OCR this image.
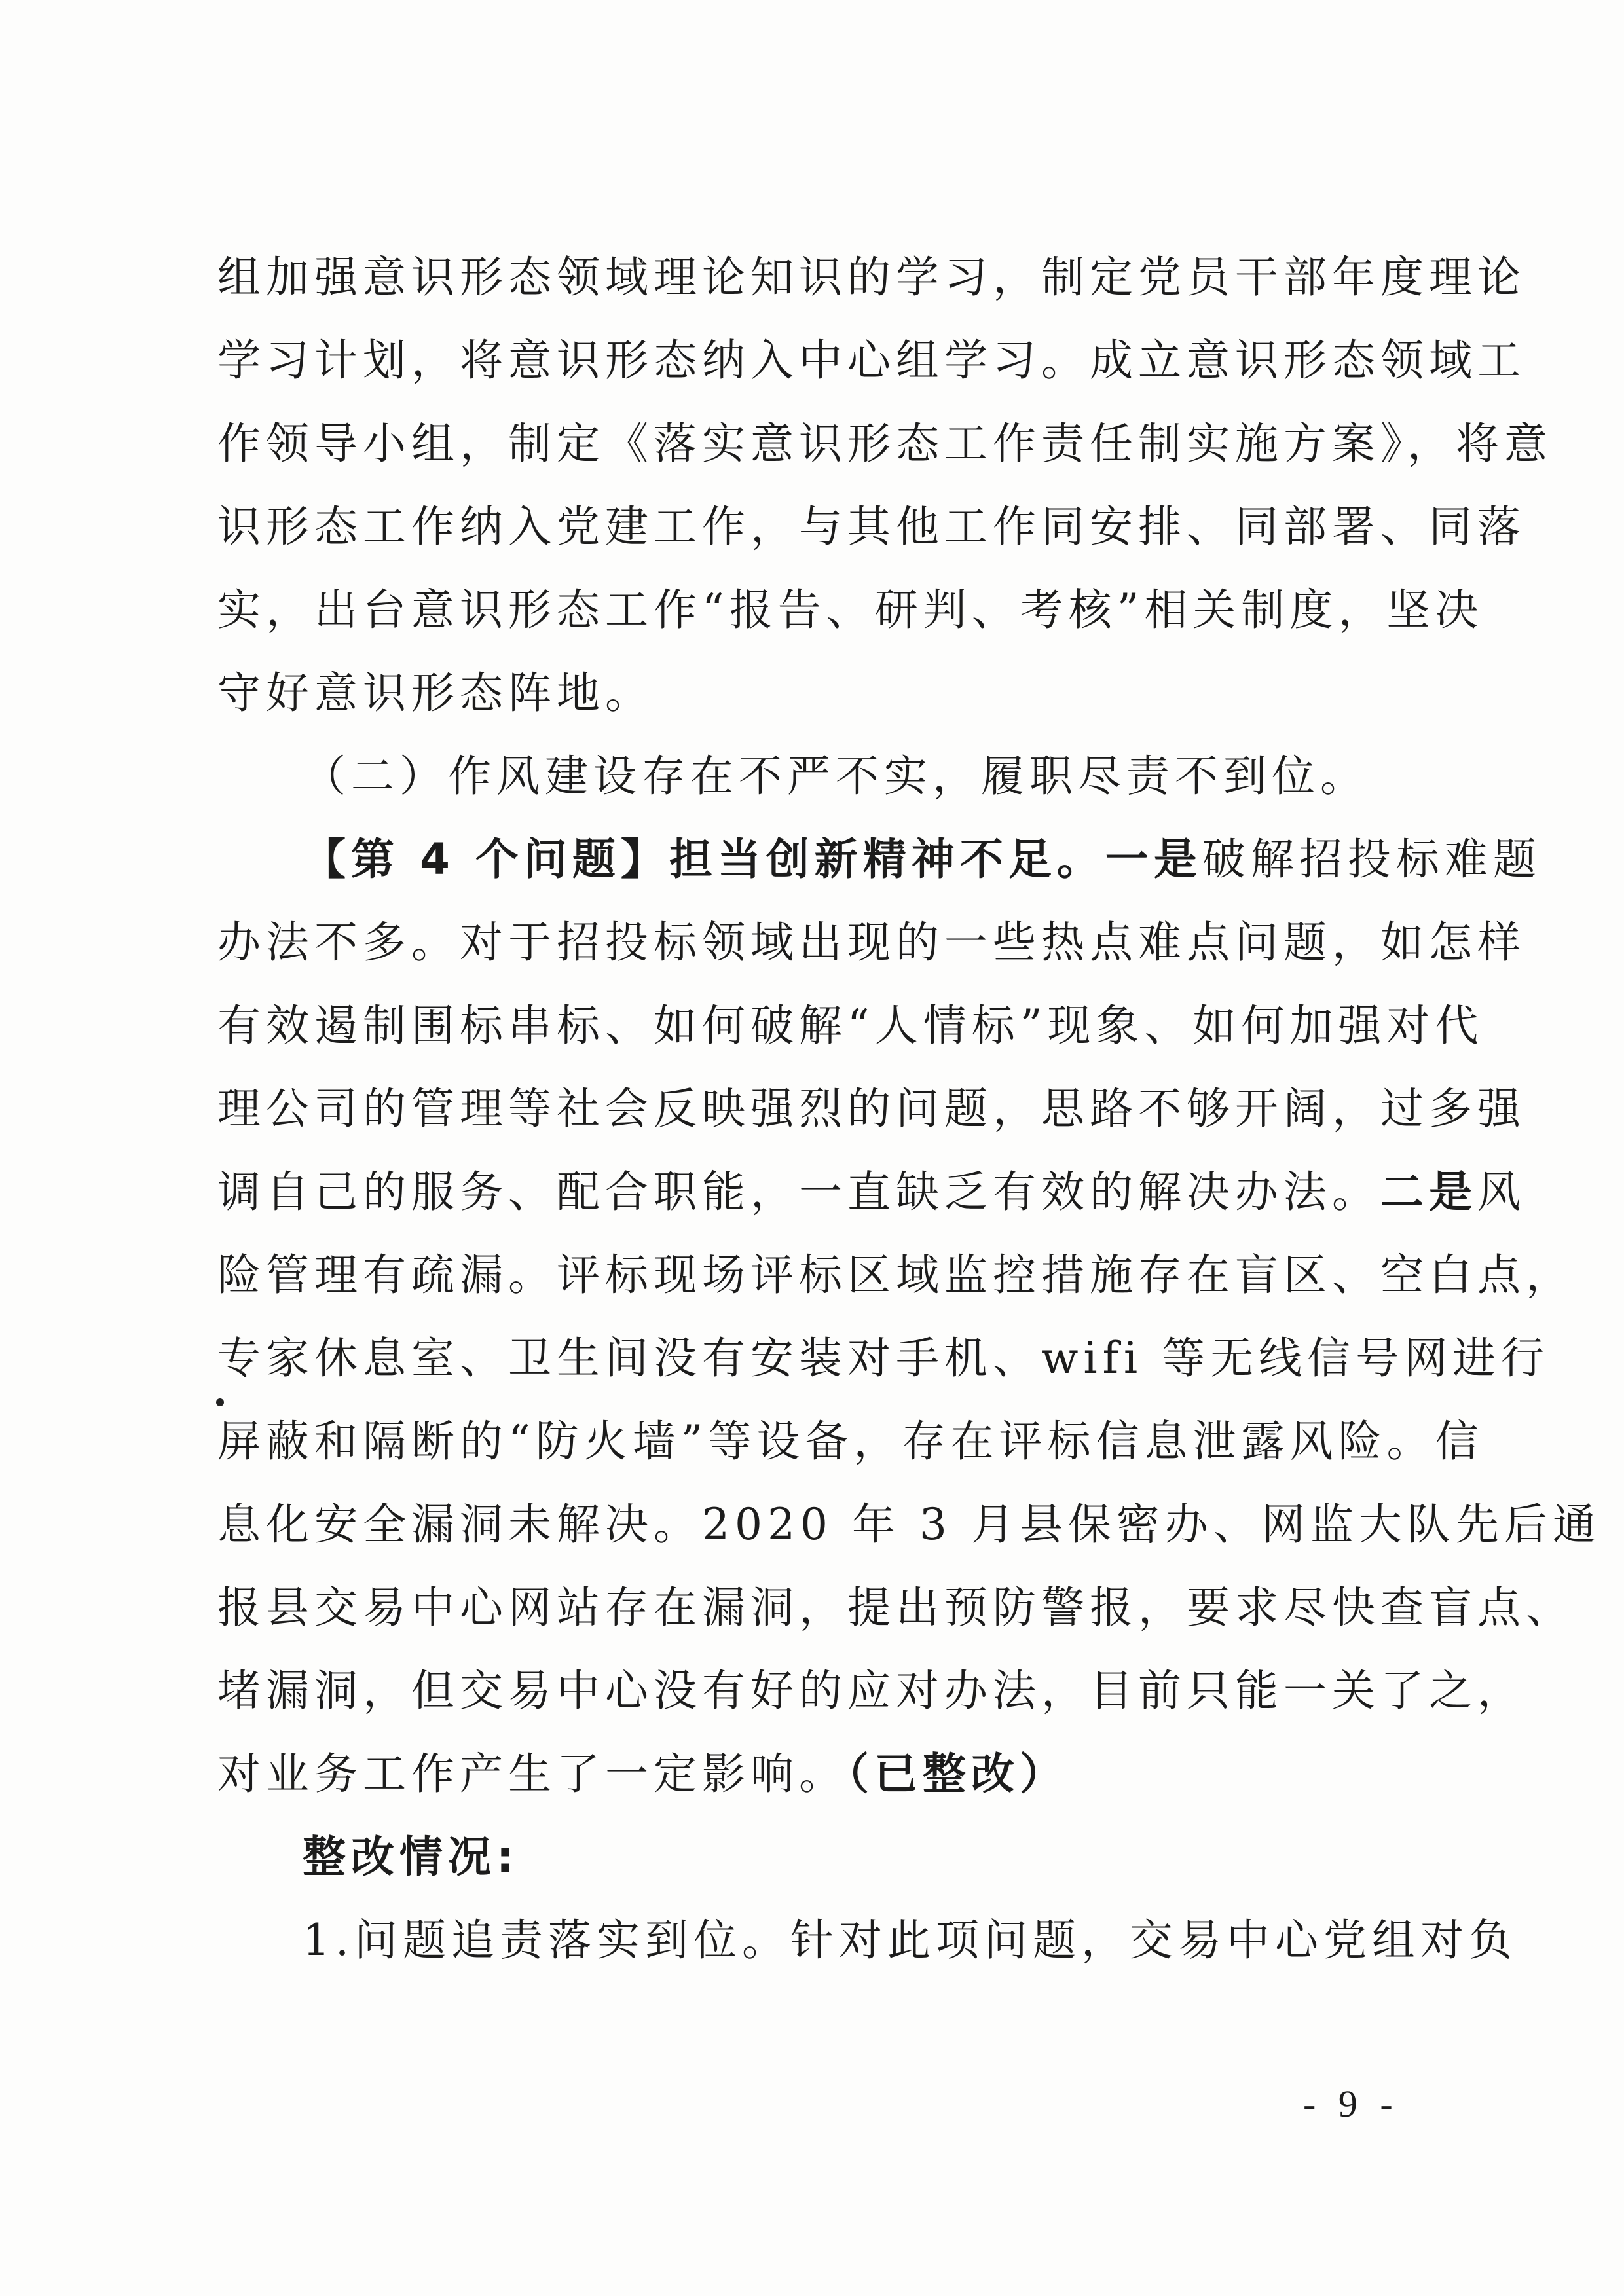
组加强意识形态领域理论知识的学习，制定党员干部年度理论
学习计划，将意识形态纳入中心组学习。成立意识形态领域工
作领导小组，制定《落实意识形态工作责任制实施方案》，将意
识形态工作纳入党建工作，与其他工作同安排、同部署、同落
实，出台意识形态工作“报告、研判、考核”相关制度，坚决
守好意识形态阵地。
（二）作风建设存在不严不实，履职尽责不到位。
【第 4 个问题】担当创新精神不足。一是破解招投标难题
办法不多。对于招投标领域出现的一些热点难点问题，如怎样
有效遏制围标串标、如何破解“人情标”现象、如何加强对代
理公司的管理等社会反映强烈的问题，思路不够开阔，过多强
调自己的服务、配合职能，一直缺乏有效的解决办法。二是风
险管理有疏漏。评标现场评标区域监控措施存在盲区、空白点，
专家休息室、卫生间没有安装对手机、wifi 等无线信号网进行
屏蔽和隔断的“防火墙”等设备，存在评标信息泄露风险。信
息化安全漏洞未解决。2020 年 3 月县保密办、网监大队先后通
报县交易中心网站存在漏洞，提出预防警报，要求尽快查盲点、
堵漏洞，但交易中心没有好的应对办法，目前只能一关了之，
对业务工作产生了一定影响。（已整改）
整改情况:
1.问题追责落实到位。针对此项问题，交易中心党组对负
- 9 -
